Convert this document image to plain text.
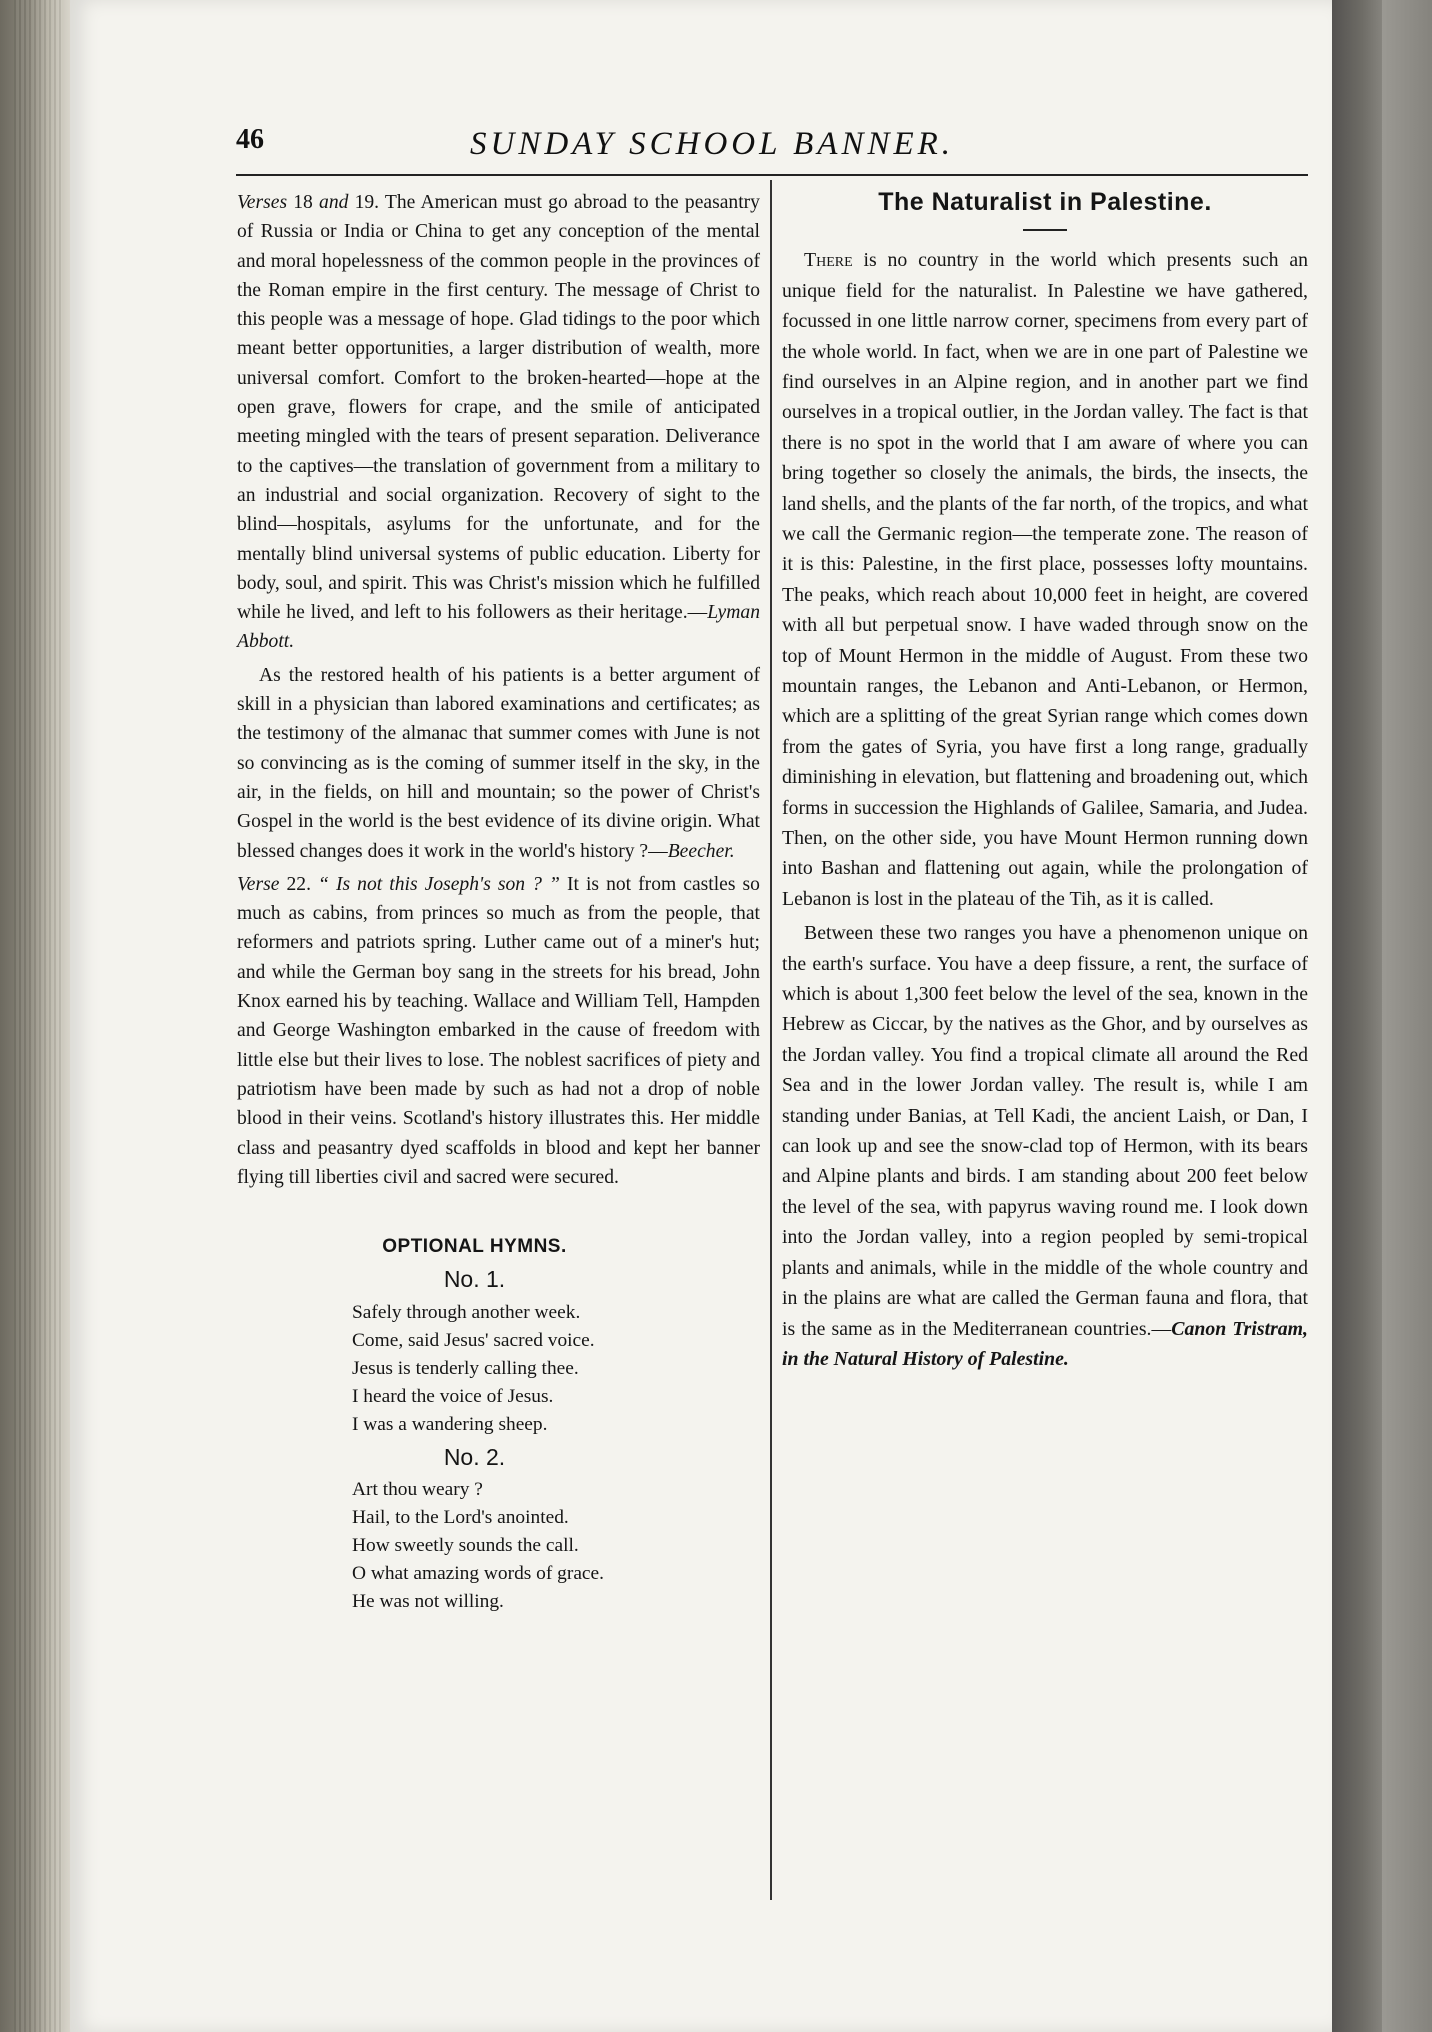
46	SUNDAY SCHOOL BANNER.

Verses 18 and 19. The American must go abroad to the peasantry of Russia or India or China to get any conception of the mental and moral hopelessness of the common people in the provinces of the Roman empire in the first century. The message of Christ to this people was a message of hope. Glad tidings to the poor which meant better opportunities, a larger distribution of wealth, more universal comfort. Comfort to the broken-hearted—hope at the open grave, flowers for crape, and the smile of anticipated meeting mingled with the tears of present separation. Deliverance to the captives—the translation of government from a military to an industrial and social organization. Recovery of sight to the blind—hospitals, asylums for the unfortunate, and for the mentally blind universal systems of public education. Liberty for body, soul, and spirit. This was Christ's mission which he fulfilled while he lived, and left to his followers as their heritage.—Lyman Abbott.

As the restored health of his patients is a better argument of skill in a physician than labored examinations and certificates; as the testimony of the almanac that summer comes with June is not so convincing as is the coming of summer itself in the sky, in the air, in the fields, on hill and mountain; so the power of Christ's Gospel in the world is the best evidence of its divine origin. What blessed changes does it work in the world's history ?—Beecher.

Verse 22. “ Is not this Joseph's son ? ” It is not from castles so much as cabins, from princes so much as from the people, that reformers and patriots spring. Luther came out of a miner's hut; and while the German boy sang in the streets for his bread, John Knox earned his by teaching. Wallace and William Tell, Hampden and George Washington embarked in the cause of freedom with little else but their lives to lose. The noblest sacrifices of piety and patriotism have been made by such as had not a drop of noble blood in their veins. Scotland's history illustrates this. Her middle class and peasantry dyed scaffolds in blood and kept her banner flying till liberties civil and sacred were secured.

OPTIONAL HYMNS.
No. 1.
Safely through another week.
Come, said Jesus' sacred voice.
Jesus is tenderly calling thee.
I heard the voice of Jesus.
I was a wandering sheep.
No. 2.
Art thou weary ?
Hail, to the Lord's anointed.
How sweetly sounds the call.
O what amazing words of grace.
He was not willing.
The Naturalist in Palestine.

There is no country in the world which presents such an unique field for the naturalist. In Palestine we have gathered, focussed in one little narrow corner, specimens from every part of the whole world. In fact, when we are in one part of Palestine we find ourselves in an Alpine region, and in another part we find ourselves in a tropical outlier, in the Jordan valley. The fact is that there is no spot in the world that I am aware of where you can bring together so closely the animals, the birds, the insects, the land shells, and the plants of the far north, of the tropics, and what we call the Germanic region—the temperate zone. The reason of it is this: Palestine, in the first place, possesses lofty mountains. The peaks, which reach about 10,000 feet in height, are covered with all but perpetual snow. I have waded through snow on the top of Mount Hermon in the middle of August. From these two mountain ranges, the Lebanon and Anti-Lebanon, or Hermon, which are a splitting of the great Syrian range which comes down from the gates of Syria, you have first a long range, gradually diminishing in elevation, but flattening and broadening out, which forms in succession the Highlands of Galilee, Samaria, and Judea. Then, on the other side, you have Mount Hermon running down into Bashan and flattening out again, while the prolongation of Lebanon is lost in the plateau of the Tih, as it is called.

Between these two ranges you have a phenomenon unique on the earth's surface. You have a deep fissure, a rent, the surface of which is about 1,300 feet below the level of the sea, known in the Hebrew as Ciccar, by the natives as the Ghor, and by ourselves as the Jordan valley. You find a tropical climate all around the Red Sea and in the lower Jordan valley. The result is, while I am standing under Banias, at Tell Kadi, the ancient Laish, or Dan, I can look up and see the snow-clad top of Hermon, with its bears and Alpine plants and birds. I am standing about 200 feet below the level of the sea, with papyrus waving round me. I look down into the Jordan valley, into a region peopled by semi-tropical plants and animals, while in the middle of the whole country and in the plains are what are called the German fauna and flora, that is the same as in the Mediterranean countries.—Canon Tristram, in the Natural History of Palestine.
